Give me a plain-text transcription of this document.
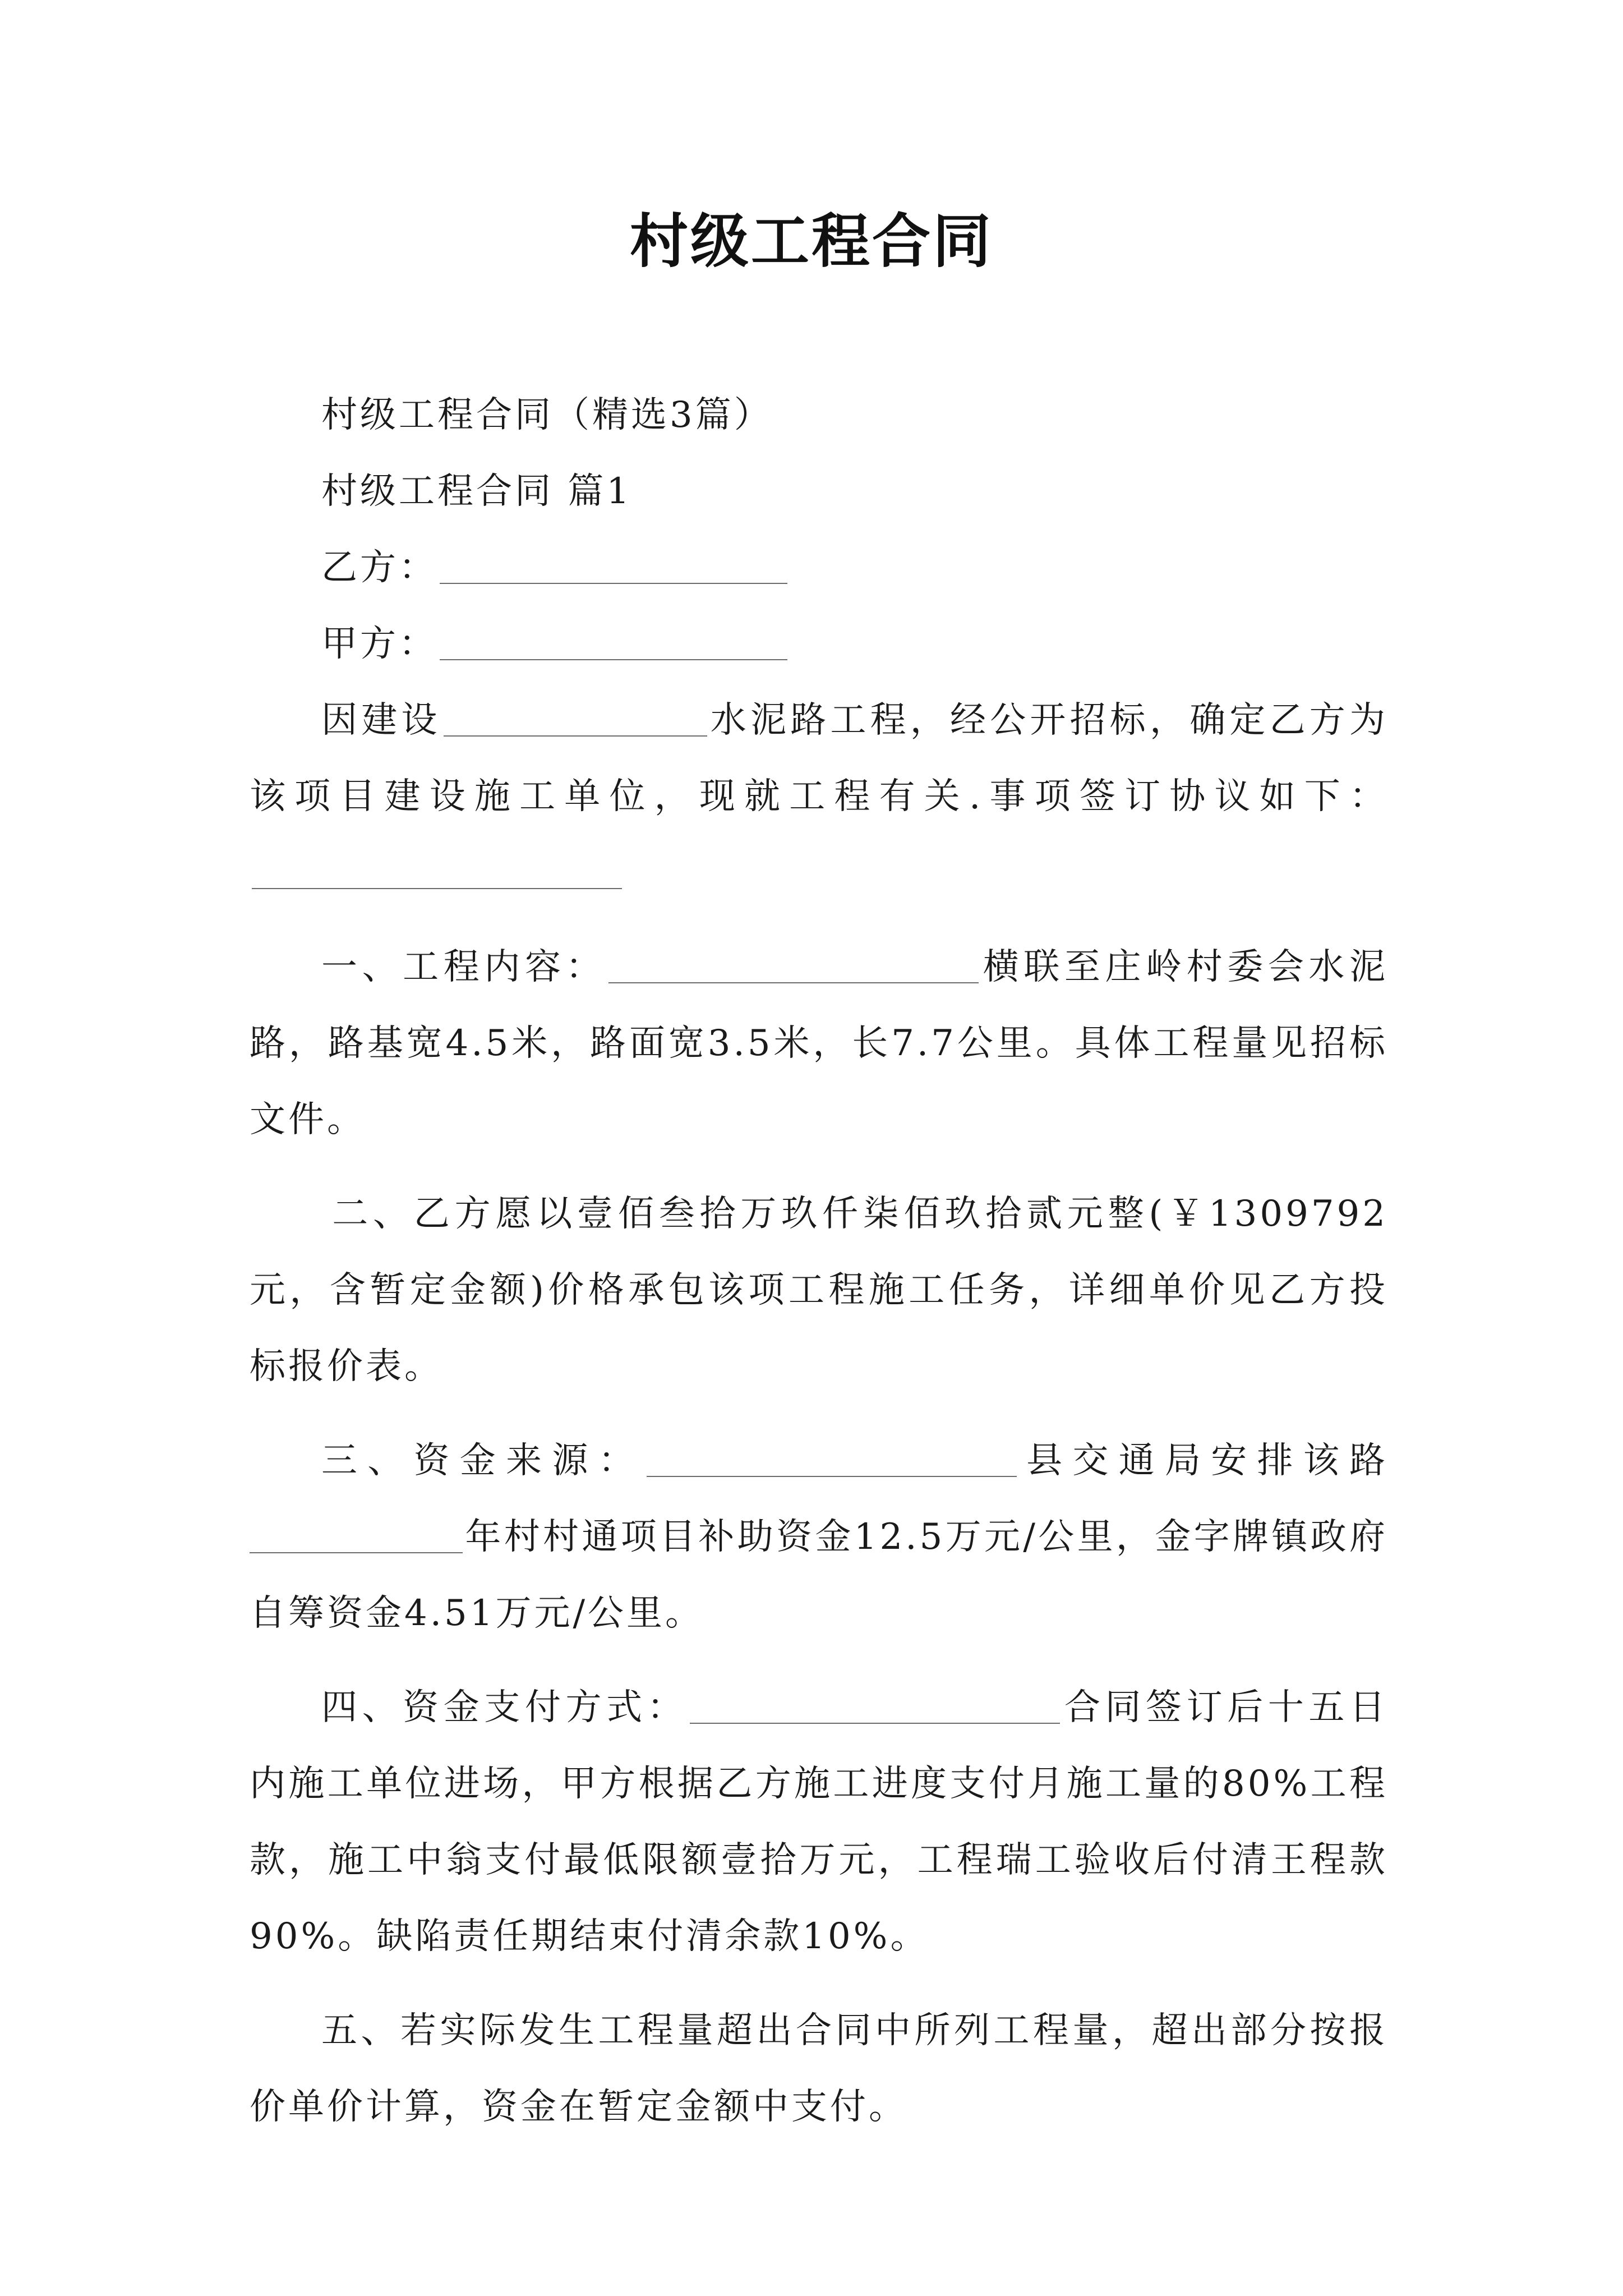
村级工程合同

村级工程合同（精选3篇）

村级工程合同 篇1

乙方：

甲方：

因建设	水泥路工程，经公开招标，确定乙方为该项目建设施工单位，现就工程有关.事项签订协议如下：

一、工程内容：	横联至庄岭村委会水泥路，路基宽4.5米，路面宽3.5米，长7.7公里。具体工程量见招标文件。

二、乙方愿以壹佰叁拾万玖仟柒佰玖拾贰元整(￥1309792元，含暂定金额)价格承包该项工程施工任务，详细单价见乙方投标报价表。

三、资金来源：	县交通局安排该路年村村通项目补助资金12.5万元/公里，金字牌镇政府自筹资金4.51万元/公里。

四、资金支付方式：	合同签订后十五日内施工单位进场，甲方根据乙方施工进度支付月施工量的80%工程款，施工中翁支付最低限额壹拾万元，工程瑞工验收后付清王程款90%。缺陷责任期结束付清余款10%。

五、若实际发生工程量超出合同中所列工程量，超出部分按报价单价计算，资金在暂定金额中支付。
